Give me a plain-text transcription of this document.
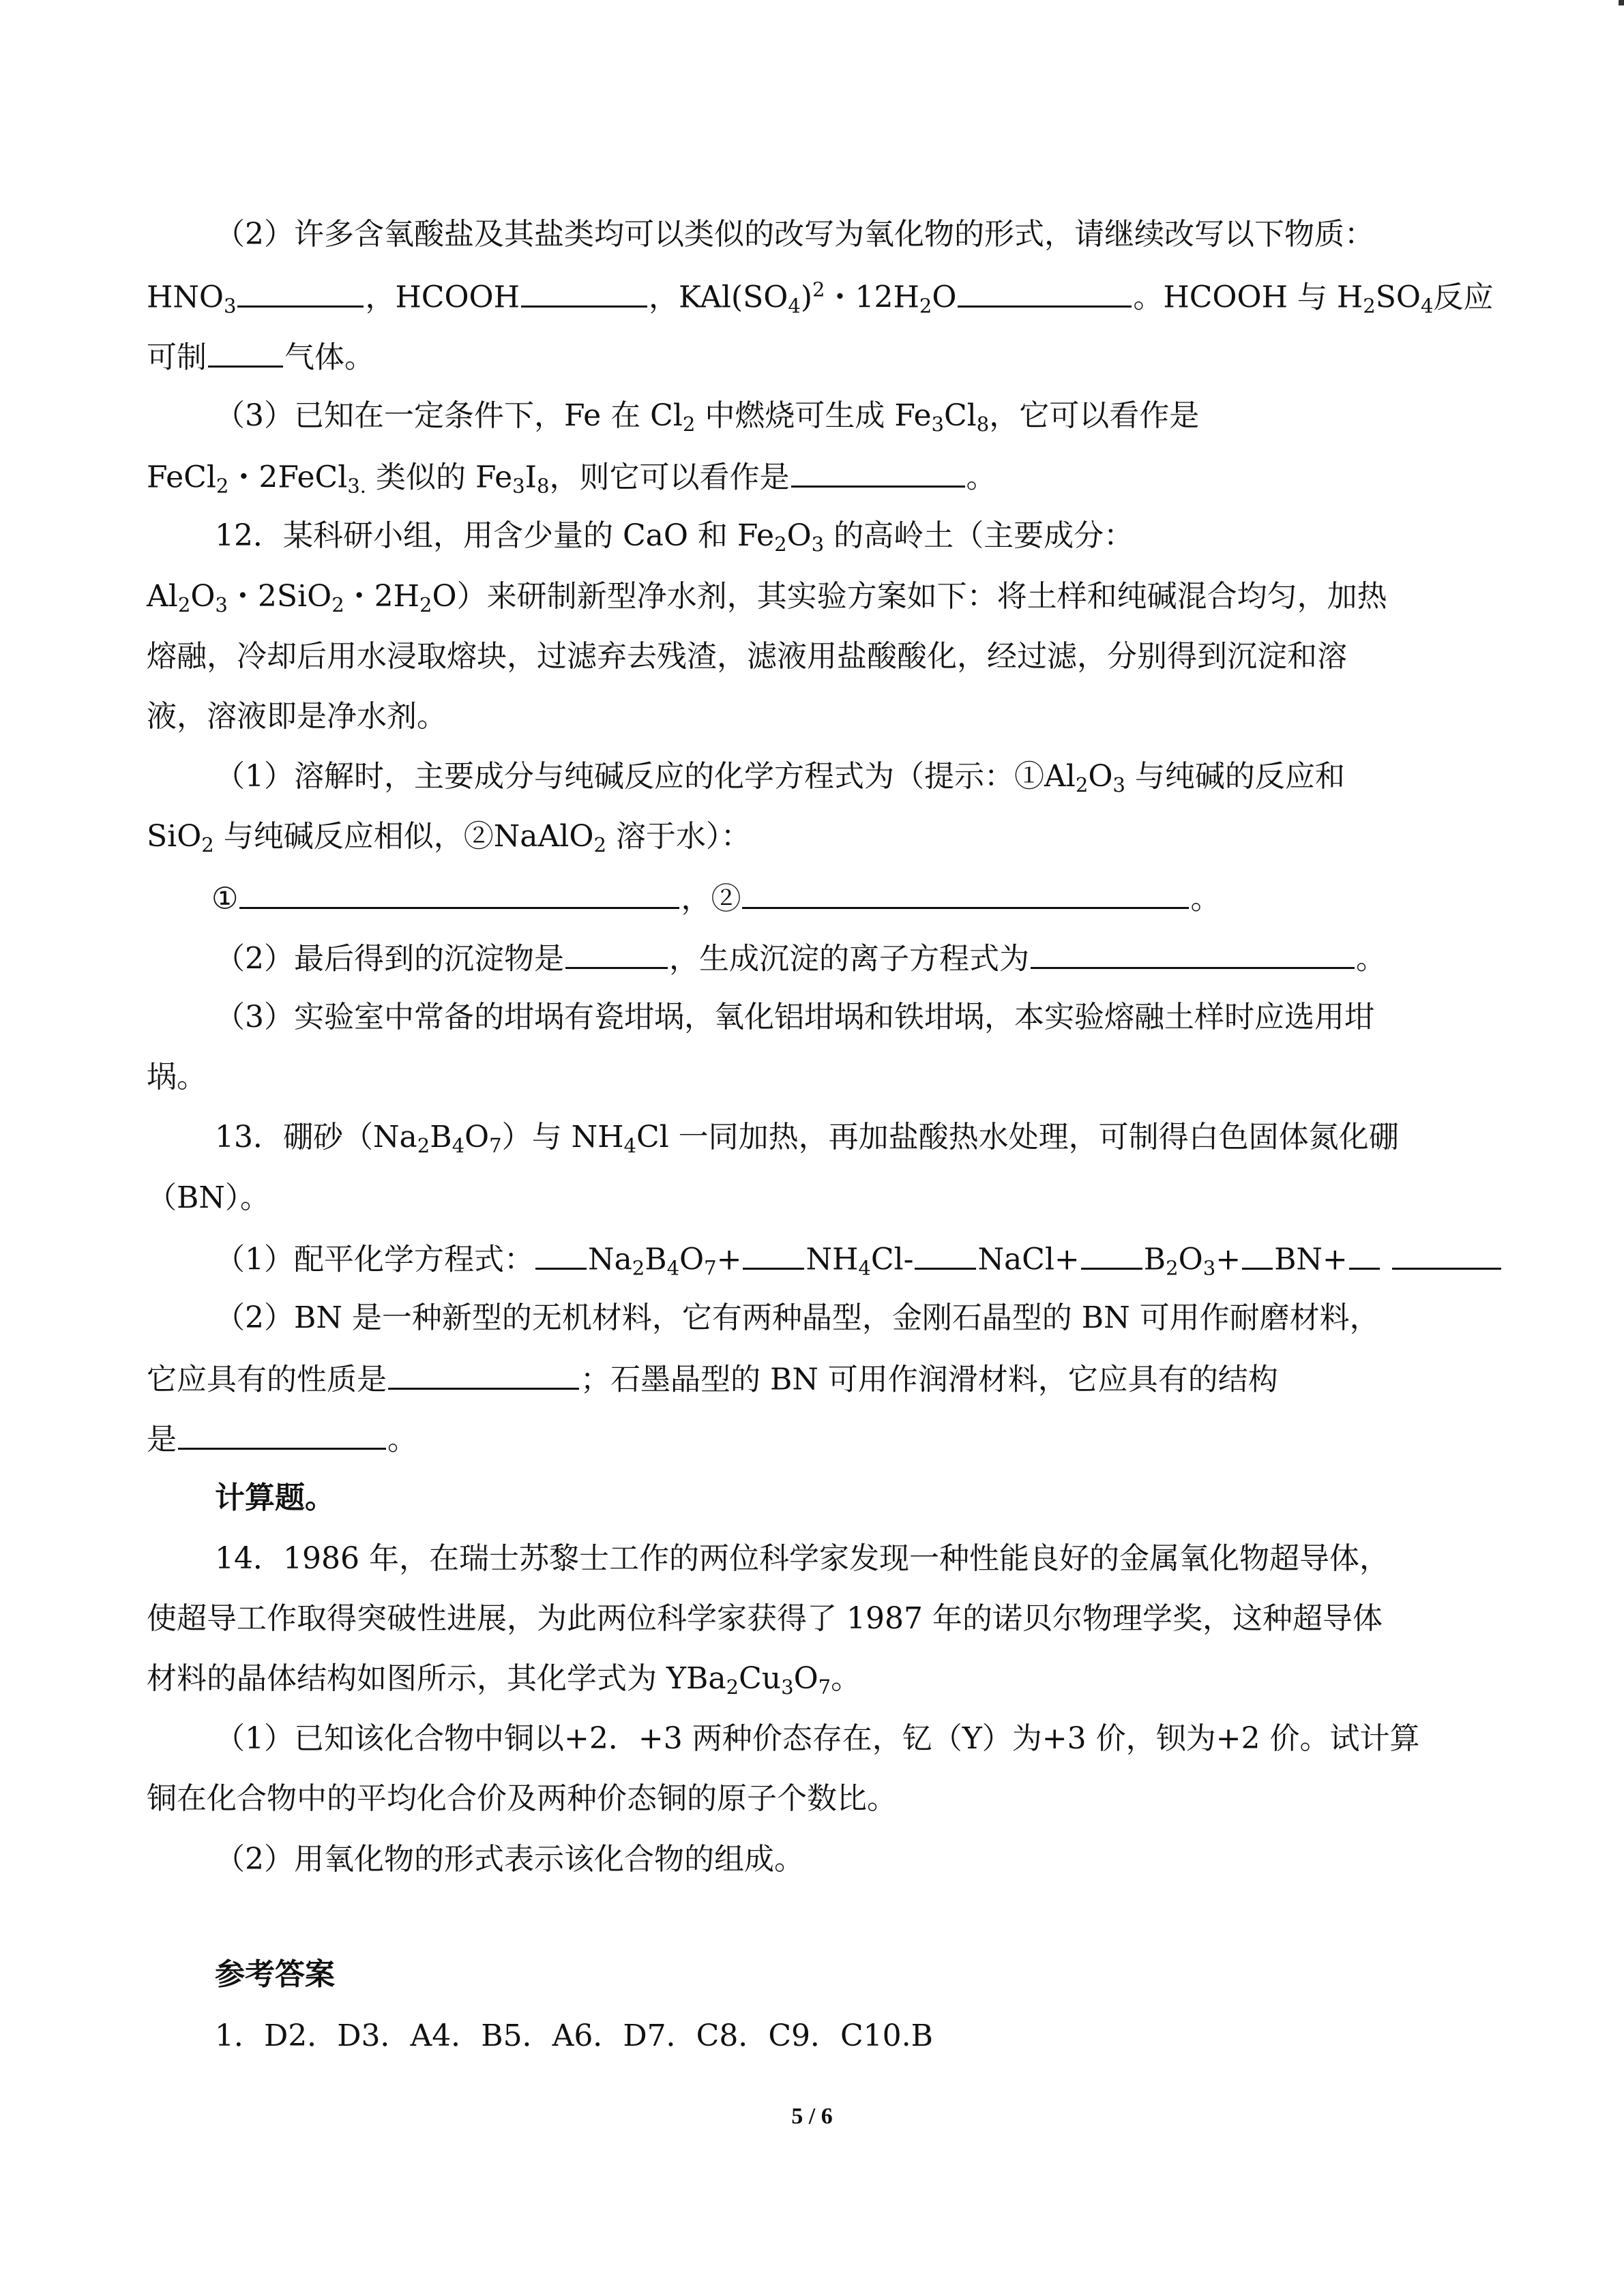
（2）许多含氧酸盐及其盐类均可以类似的改写为氧化物的形式，请继续改写以下物质：
$HNO_3$	，HCOOH	，$KAl(SO_4)^2$・$12H_2O$	。HCOOH 与 $H_2SO_4$反应
可制	气体。
（3）已知在一定条件下，Fe 在 $Cl_2$ 中燃烧可生成 $Fe_3Cl_8$，它可以看作是
FeCl$_2$・2FeCl$_{3.}$ 类似的 $Fe_3I_8$，则它可以看作是	。
12．某科研小组，用含少量的 CaO 和 $Fe_2O_3$ 的高岭土（主要成分：
$Al_2O_3$・2SiO$_2$・$2H_2O$）来研制新型净水剂，其实验方案如下：将土样和纯碱混合均匀，加热
熔融，冷却后用水浸取熔块，过滤弃去残渣，滤液用盐酸酸化，经过滤，分别得到沉淀和溶
液，溶液即是净水剂。
（1）溶解时，主要成分与纯碱反应的化学方程式为（提示：$①Al_2O_3$ 与纯碱的反应和
SiO$_2$ 与纯碱反应相似，②NaAlO$_2$ 溶于水）：
①	，②	。
（2）最后得到的沉淀物是	，生成沉淀的离子方程式为	。
（3）实验室中常备的坩埚有瓷坩埚，氧化铝坩埚和铁坩埚，本实验熔融土样时应选用坩
埚。
13．硼砂$(Na_2B_4O_7)$与 $NH_4Cl$ 一同加热，再加盐酸热水处理，可制得白色固体氮化硼
（BN）。
（1）配平化学方程式： $Na_2B_4O_7+ NH_4Cl-$ NaCl+ $B_2O_3+ BN+$
（2）BN 是一种新型的无机材料，它有两种晶型，金刚石晶型的 BN 可用作耐磨材料，
它应具有的性质是	；石墨晶型的 BN 可用作润滑材料，它应具有的结构
是	。
计算题。
14．1986 年，在瑞士苏黎士工作的两位科学家发现一种性能良好的金属氧化物超导体，
使超导工作取得突破性进展，为此两位科学家获得了 1987 年的诺贝尔物理学奖，这种超导体
材料的晶体结构如图所示，其化学式为 $YBa_2Cu_3O_7$。
（1）已知该化合物中铜以+2．+3 两种价态存在，钇（Y）为+3 价，钡为+2 价。试计算
铜在化合物中的平均化合价及两种价态铜的原子个数比。
（2）用氧化物的形式表示该化合物的组成。
参考答案
1．D2．D3．A4．B5．A6．D7．C8．C9．C10.B
5 / 6
